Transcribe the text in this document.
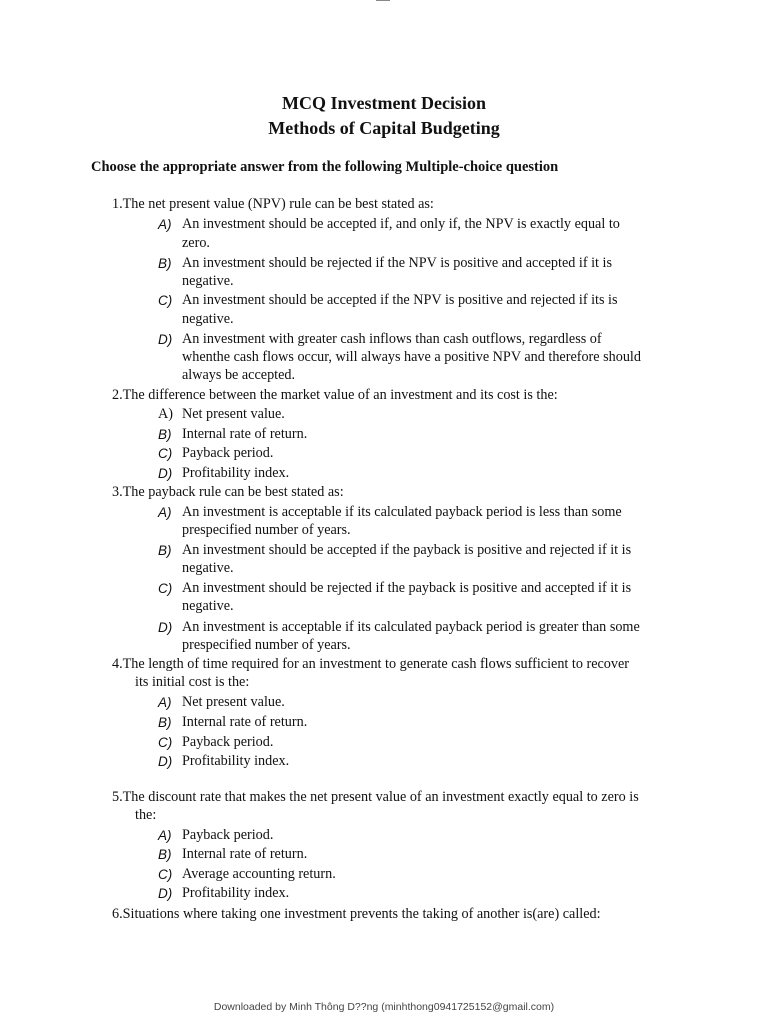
MCQ Investment Decision
Methods of Capital Budgeting
Choose the appropriate answer from the following Multiple-choice question
1.The net present value (NPV) rule can be best stated as:
A) An investment should be accepted if, and only if, the NPV is exactly equal to
zero.
B) An investment should be rejected if the NPV is positive and accepted if it is
negative.
C) An investment should be accepted if the NPV is positive and rejected if its is
negative.
D) An investment with greater cash inflows than cash outflows, regardless of
whenthe cash flows occur, will always have a positive NPV and therefore should
always be accepted.
2.The difference between the market value of an investment and its cost is the:
A) Net present value.
B) Internal rate of return.
C) Payback period.
D) Profitability index.
3.The payback rule can be best stated as:
A) An investment is acceptable if its calculated payback period is less than some
prespecified number of years.
B) An investment should be accepted if the payback is positive and rejected if it is
negative.
C) An investment should be rejected if the payback is positive and accepted if it is
negative.
D) An investment is acceptable if its calculated payback period is greater than some
prespecified number of years.
4.The length of time required for an investment to generate cash flows sufficient to recover
its initial cost is the:
A) Net present value.
B) Internal rate of return.
C) Payback period.
D) Profitability index.
5.The discount rate that makes the net present value of an investment exactly equal to zero is
the:
A) Payback period.
B) Internal rate of return.
C) Average accounting return.
D) Profitability index.
6.Situations where taking one investment prevents the taking of another is(are) called:
Downloaded by Minh Thông D??ng (minhthong0941725152@gmail.com)
